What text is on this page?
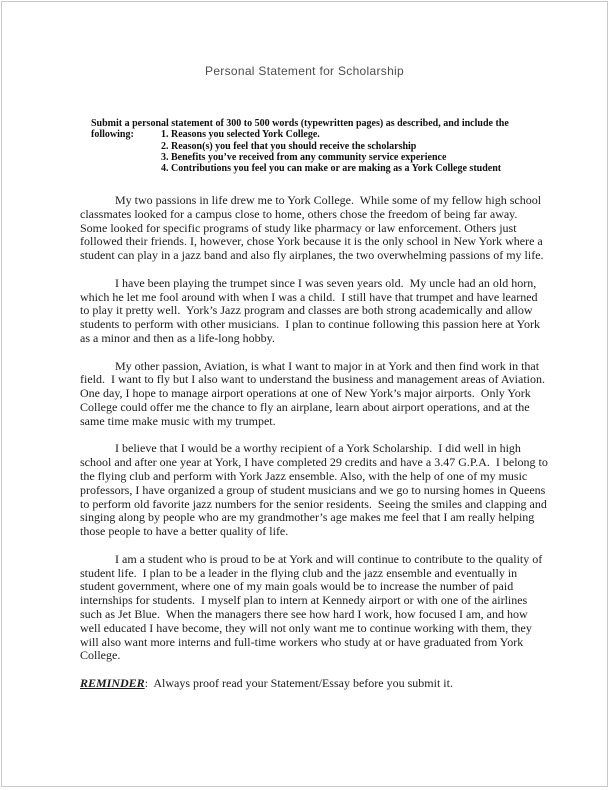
Personal Statement for Scholarship
Submit a personal statement of 300 to 500 words (typewritten pages) as described, and include the
following:	1. Reasons you selected York College.
2. Reason(s) you feel that you should receive the scholarship
3. Benefits you’ve received from any community service experience
4. Contributions you feel you can make or are making as a York College student

My two passions in life drew me to York College.  While some of my fellow high school classmates looked for a campus close to home, others chose the freedom of being far away.  Some looked for specific programs of study like pharmacy or law enforcement. Others just followed their friends. I, however, chose York because it is the only school in New York where a student can play in a jazz band and also fly airplanes, the two overwhelming passions of my life.

I have been playing the trumpet since I was seven years old.  My uncle had an old horn, which he let me fool around with when I was a child.  I still have that trumpet and have learned to play it pretty well.  York’s Jazz program and classes are both strong academically and allow students to perform with other musicians.  I plan to continue following this passion here at York as a minor and then as a life-long hobby.

My other passion, Aviation, is what I want to major in at York and then find work in that field.  I want to fly but I also want to understand the business and management areas of Aviation.  One day, I hope to manage airport operations at one of New York’s major airports.  Only York College could offer me the chance to fly an airplane, learn about airport operations, and at the same time make music with my trumpet.

I believe that I would be a worthy recipient of a York Scholarship.  I did well in high school and after one year at York, I have completed 29 credits and have a 3.47 G.P.A.  I belong to the flying club and perform with York Jazz ensemble. Also, with the help of one of my music professors, I have organized a group of student musicians and we go to nursing homes in Queens to perform old favorite jazz numbers for the senior residents.  Seeing the smiles and clapping and singing along by people who are my grandmother’s age makes me feel that I am really helping those people to have a better quality of life.

I am a student who is proud to be at York and will continue to contribute to the quality of student life.  I plan to be a leader in the flying club and the jazz ensemble and eventually in student government, where one of my main goals would be to increase the number of paid internships for students.  I myself plan to intern at Kennedy airport or with one of the airlines such as Jet Blue.  When the managers there see how hard I work, how focused I am, and how well educated I have become, they will not only want me to continue working with them, they will also want more interns and full-time workers who study at or have graduated from York College.

REMINDER:  Always proof read your Statement/Essay before you submit it.
